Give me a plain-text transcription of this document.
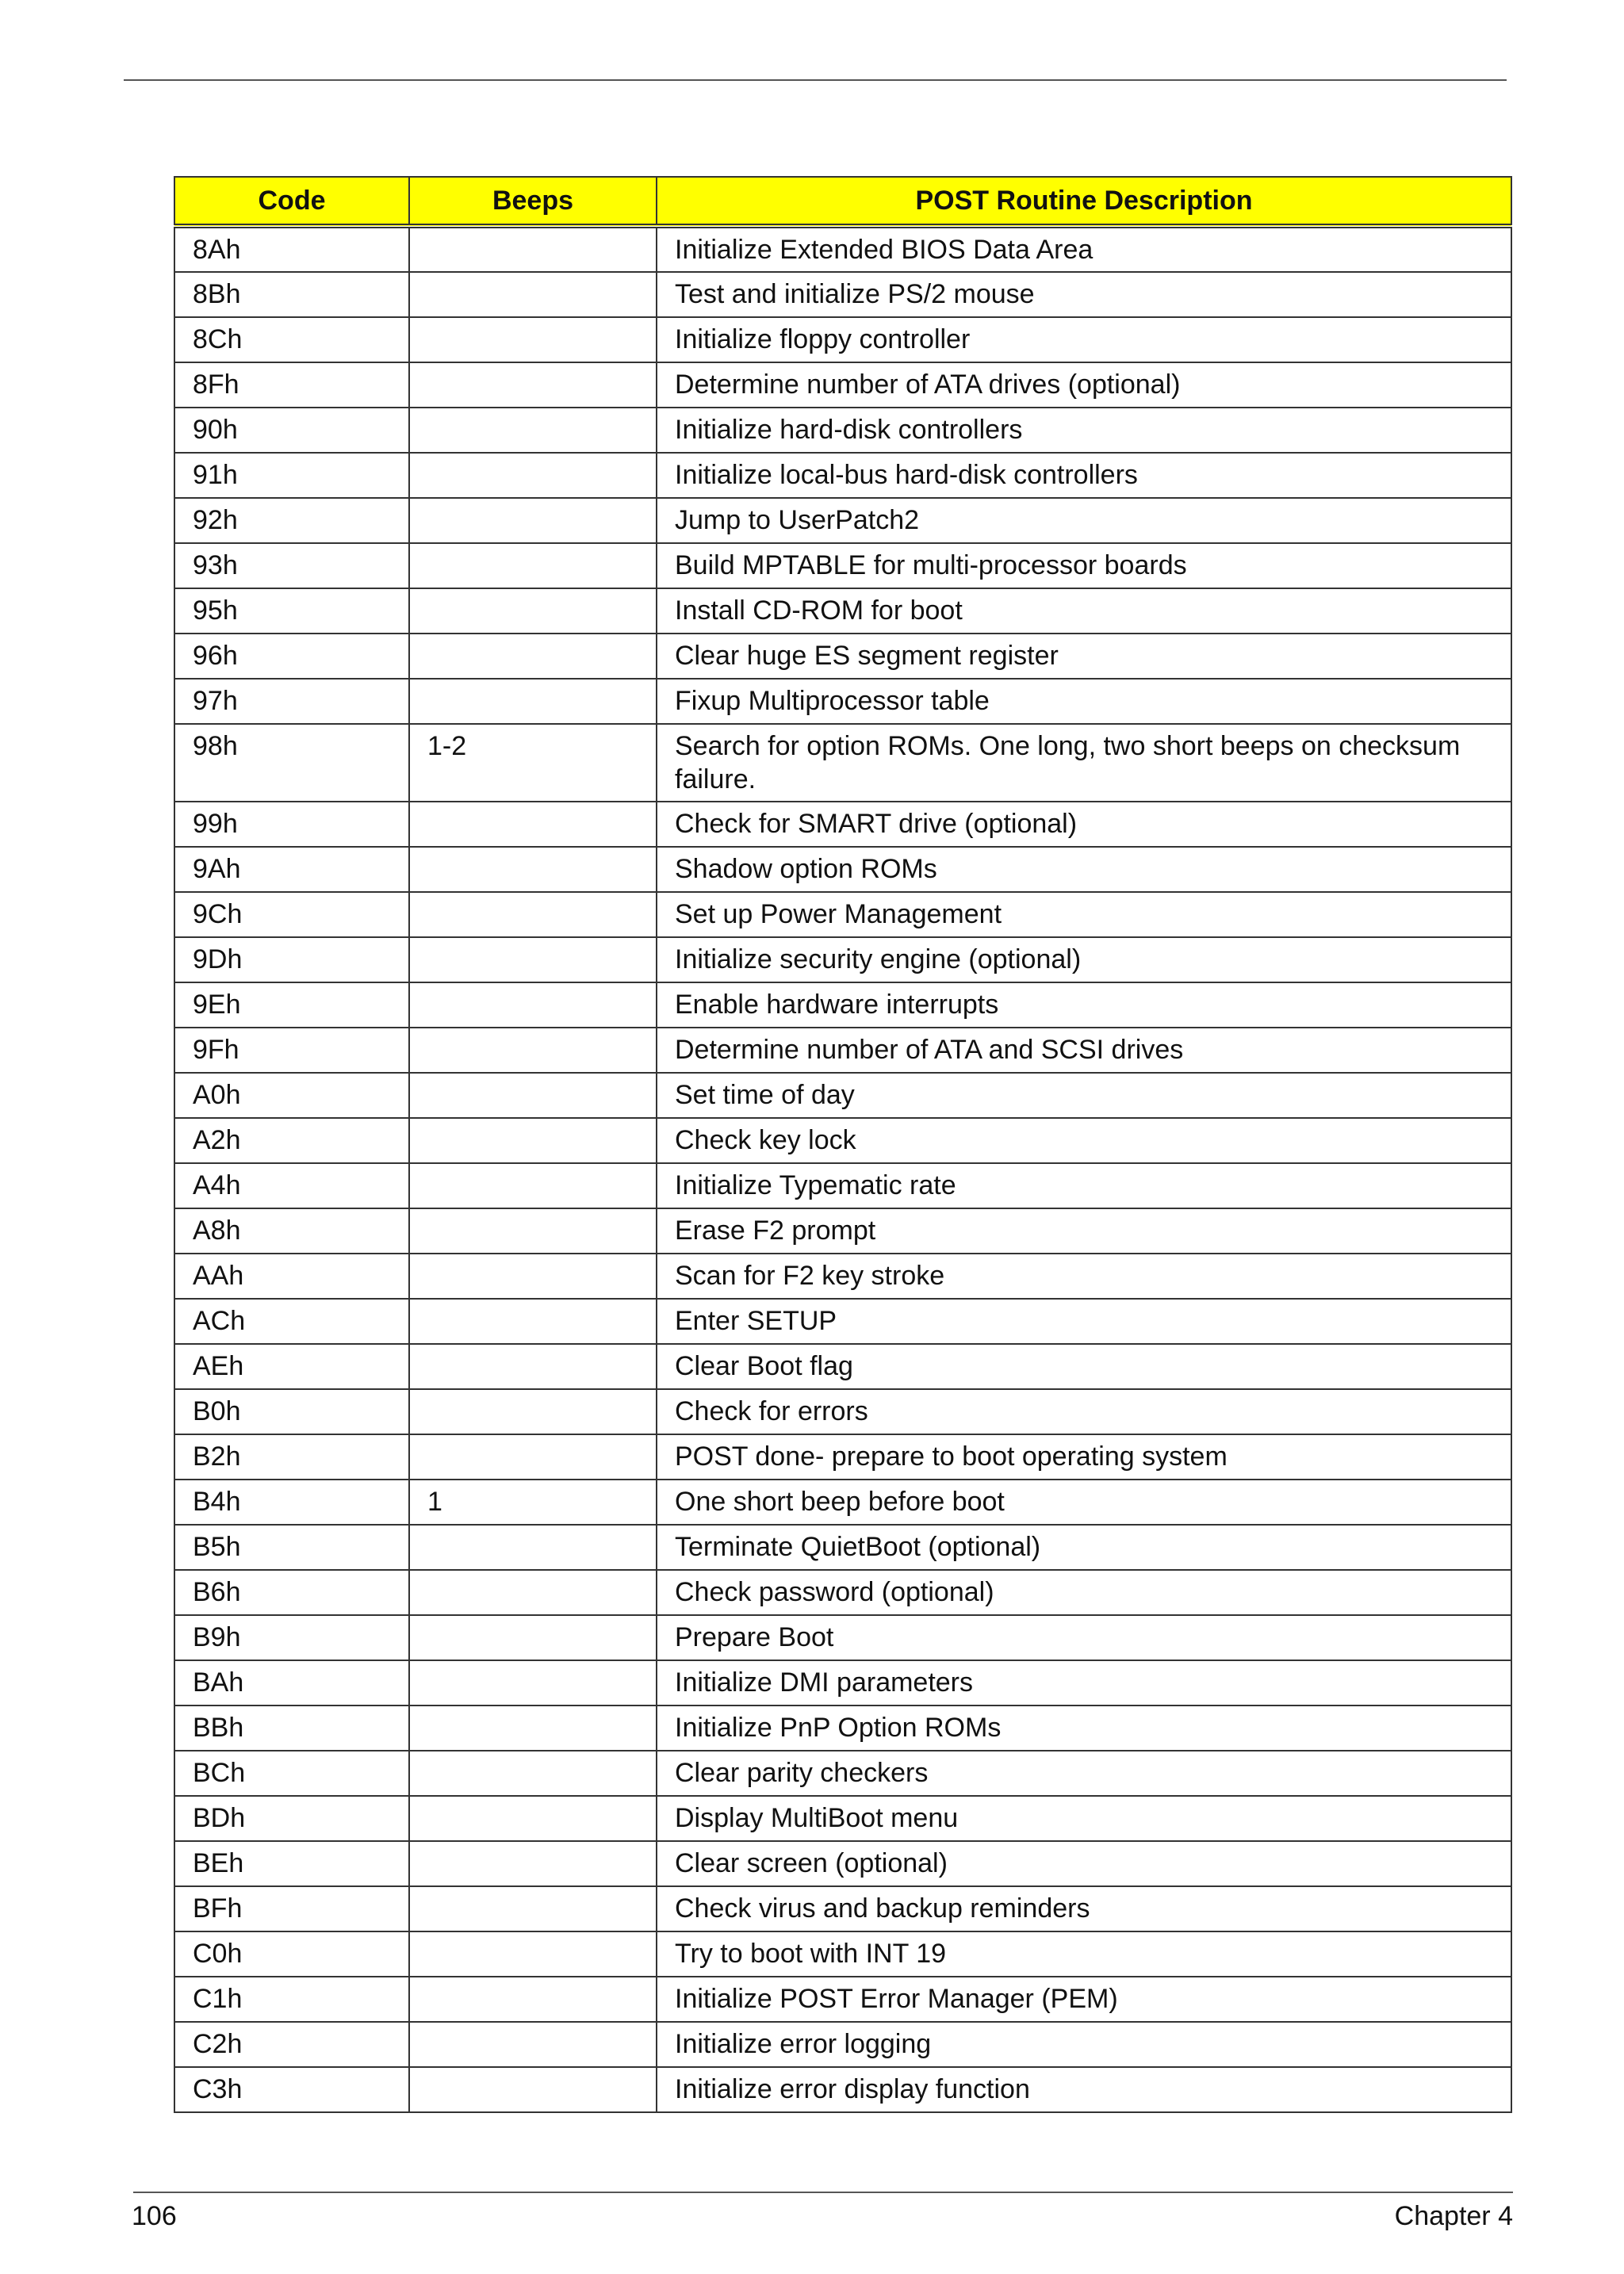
Code	Beeps	POST Routine Description
8Ah		Initialize Extended BIOS Data Area
8Bh		Test and initialize PS/2 mouse
8Ch		Initialize floppy controller
8Fh		Determine number of ATA drives (optional)
90h		Initialize hard-disk controllers
91h		Initialize local-bus hard-disk controllers
92h		Jump to UserPatch2
93h		Build MPTABLE for multi-processor boards
95h		Install CD-ROM for boot
96h		Clear huge ES segment register
97h		Fixup Multiprocessor table
98h	1-2	Search for option ROMs. One long, two short beeps on checksum failure.
99h		Check for SMART drive (optional)
9Ah		Shadow option ROMs
9Ch		Set up Power Management
9Dh		Initialize security engine (optional)
9Eh		Enable hardware interrupts
9Fh		Determine number of ATA and SCSI drives
A0h		Set time of day
A2h		Check key lock
A4h		Initialize Typematic rate
A8h		Erase F2 prompt
AAh		Scan for F2 key stroke
ACh		Enter SETUP
AEh		Clear Boot flag
B0h		Check for errors
B2h		POST done- prepare to boot operating system
B4h	1	One short beep before boot
B5h		Terminate QuietBoot (optional)
B6h		Check password (optional)
B9h		Prepare Boot
BAh		Initialize DMI parameters
BBh		Initialize PnP Option ROMs
BCh		Clear parity checkers
BDh		Display MultiBoot menu
BEh		Clear screen (optional)
BFh		Check virus and backup reminders
C0h		Try to boot with INT 19
C1h		Initialize POST Error Manager (PEM)
C2h		Initialize error logging
C3h		Initialize error display function
106	Chapter 4
